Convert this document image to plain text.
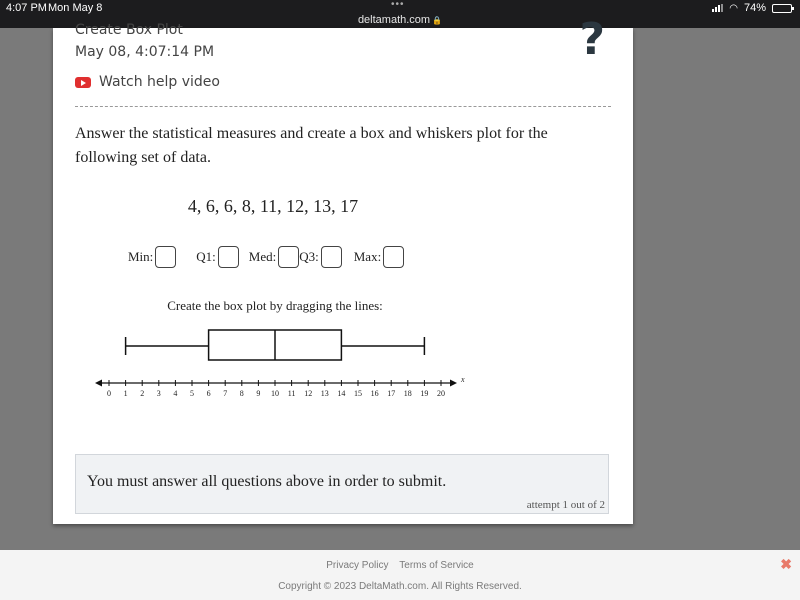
4:07 PM Mon May 8	•••
deltamath.com 🔒
◠ 74%
Create Box Plot
May 08, 4:07:14 PM
Watch help video
?
Answer the statistical measures and create a box and whiskers plot for the following set of data.
4, 6, 6, 8, 11, 12, 13, 17
Min:	Q1:	Med: Q3:	Max:
Create the box plot by dragging the lines:
0 1 2 3 4 5 6 7 8 9 10 11 12 13 14 15 16 17 18 19 20
x
You must answer all questions above in order to submit.
attempt 1 out of 2
Privacy Policy Terms of Service
Copyright © 2023 DeltaMath.com. All Rights Reserved.
✖
